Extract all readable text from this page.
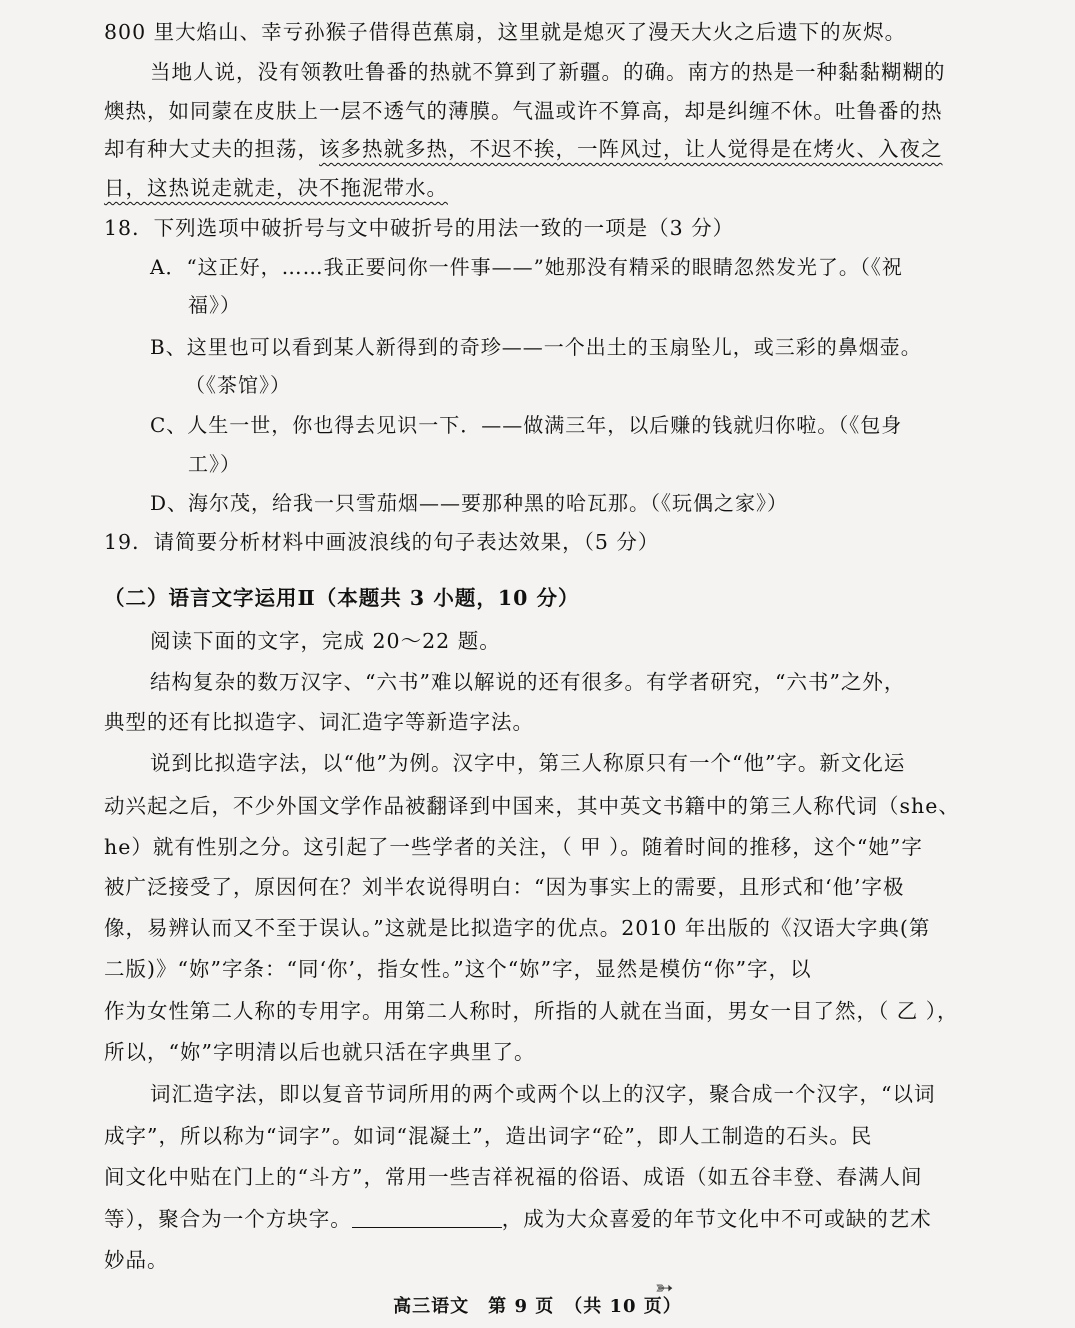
800 里大焰山、幸亏孙猴子借得芭蕉扇，这里就是熄灭了漫天大火之后遗下的灰烬。
当地人说，没有领教吐鲁番的热就不算到了新疆。的确。南方的热是一种黏黏糊糊的
燠热，如同蒙在皮肤上一层不透气的薄膜。气温或许不算高，却是纠缠不休。吐鲁番的热
却有种大丈夫的担荡，该多热就多热，不迟不挨，一阵风过，让人觉得是在烤火、入夜之
日，这热说走就走，决不拖泥带水。
18．下列选项中破折号与文中破折号的用法一致的一项是（3 分）
A．“这正好，……我正要问你一件事——”她那没有精采的眼睛忽然发光了。（《祝
福》）
B、这里也可以看到某人新得到的奇珍——一个出土的玉扇坠儿，或三彩的鼻烟壶。
（《茶馆》）
C、人生一世，你也得去见识一下．——做满三年，以后赚的钱就归你啦。（《包身
工》）
D、海尔茂，给我一只雪茄烟——要那种黑的哈瓦那。（《玩偶之家》）
19．请简要分析材料中画波浪线的句子表达效果，（5 分）
（二）语言文字运用Ⅱ（本题共 3 小题，10 分）
阅读下面的文字，完成 20～22 题。
结构复杂的数万汉字、“六书”难以解说的还有很多。有学者研究，“六书”之外，
典型的还有比拟造字、词汇造字等新造字法。
说到比拟造字法，以“他”为例。汉字中，第三人称原只有一个“他”字。新文化运
动兴起之后，不少外国文学作品被翻译到中国来，其中英文书籍中的第三人称代词（she、
he）就有性别之分。这引起了一些学者的关注，（ 甲 ）。随着时间的推移，这个“她”字
被广泛接受了，原因何在？刘半农说得明白：“因为事实上的需要，且形式和‘他’字极
像，易辨认而又不至于误认。”这就是比拟造字的优点。2010 年出版的《汉语大字典(第
二版)》“妳”字条：“同‘你’，指女性。”这个“妳”字，显然是模仿“你”字，以
作为女性第二人称的专用字。用第二人称时，所指的人就在当面，男女一目了然，（ 乙 ），
所以，“妳”字明清以后也就只活在字典里了。
词汇造字法，即以复音节词所用的两个或两个以上的汉字，聚合成一个汉字，“以词
成字”，所以称为“词字”。如词“混凝土”，造出词字“砼”，即人工制造的石头。民
间文化中贴在门上的“斗方”，常用一些吉祥祝福的俗语、成语（如五谷丰登、春满人间
等），聚合为一个方块字。	，成为大众喜爱的年节文化中不可或缺的艺术
妙品。
➳
高三语文　第 9 页　（共 10 页）
